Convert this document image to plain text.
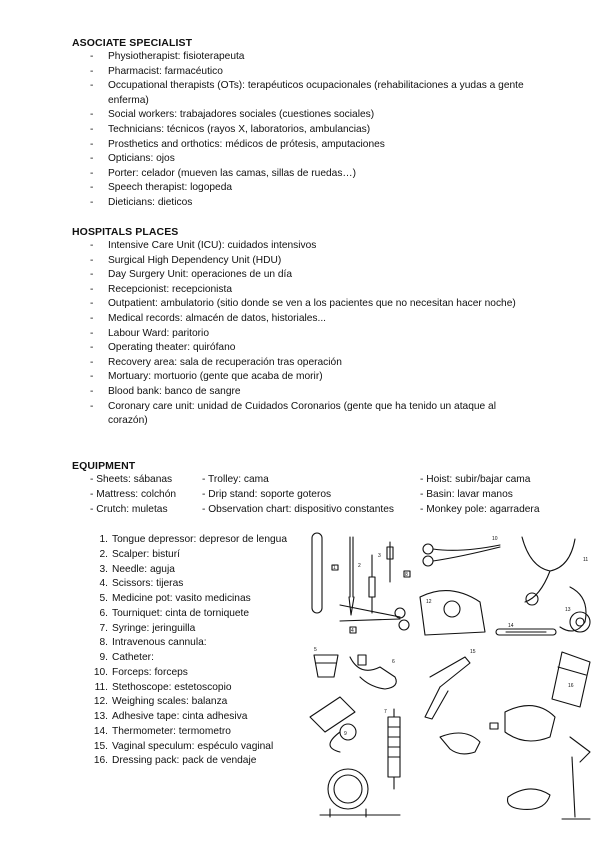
ASOCIATE SPECIALIST
- Physiotherapist: fisioterapeuta
- Pharmacist: farmacéutico
- Occupational therapists (OTs): terapéuticos ocupacionales (rehabilitaciones a yudas a gente enferma)
- Social workers: trabajadores sociales (cuestiones sociales)
- Technicians: técnicos (rayos X, laboratorios, ambulancias)
- Prosthetics and orthotics: médicos de prótesis, amputaciones
- Opticians: ojos
- Porter: celador (mueven las camas, sillas de ruedas…)
- Speech therapist: logopeda
- Dieticians: dieticos
HOSPITALS PLACES
- Intensive Care Unit (ICU): cuidados intensivos
- Surgical High Dependency Unit (HDU)
- Day Surgery Unit: operaciones de un día
- Recepcionist: recepcionista
- Outpatient: ambulatorio (sitio donde se ven a los pacientes que no necesitan hacer noche)
- Medical records: almacén de datos, historiales...
- Labour Ward: paritorio
- Operating theater: quirófano
- Recovery area: sala de recuperación tras operación
- Mortuary: mortuorio (gente que acaba de morir)
- Blood bank: banco de sangre
- Coronary care unit: unidad de Cuidados Coronarios (gente que ha tenido un ataque al corazón)
EQUIPMENT
- Sheets: sábanas	- Trolley: cama	- Hoist: subir/bajar cama
- Mattress: colchón	- Drip stand: soporte goteros	- Basin: lavar manos
- Crutch: muletas	- Observation chart: dispositivo constantes	- Monkey pole: agarradera
1. Tongue depressor: depresor de lengua
2. Scalper: bisturí
3. Needle: aguja
4. Scissors: tijeras
5. Medicine pot: vasito medicinas
6. Tourniquet: cinta de torniquete
7. Syringe: jeringuilla
8. Intravenous cannula:
9. Catheter:
10. Forceps: forceps
11. Stethoscope: estetoscopio
12. Weighing scales: balanza
13. Adhesive tape: cinta adhesiva
14. Thermometer: termometro
15. Vaginal speculum: espéculo vaginal
16. Dressing pack: pack de vendaje
1	2
3
8
10
11
12
4
14
13
5
6
15
16
9
7
